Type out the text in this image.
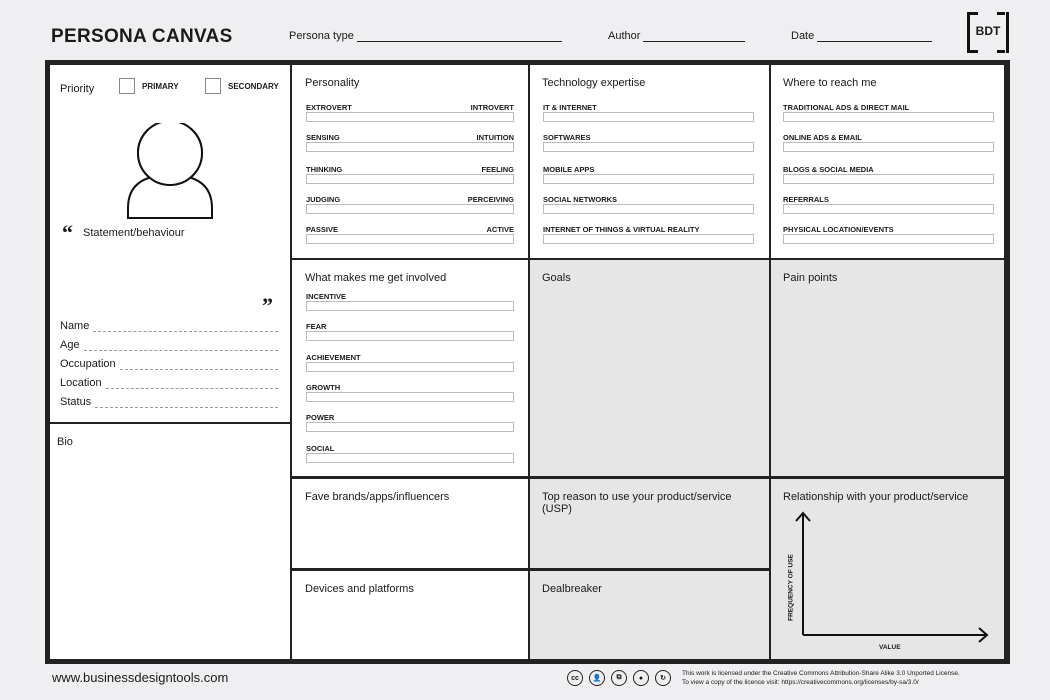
PERSONA CANVAS	Persona type	Author	Date	BDT
Priority	PRIMARY	SECONDARY
“ Statement/behaviour
”
Name
Age
Occupation
Location
Status
Bio
Personality
EXTROVERT	INTROVERT
SENSING	INTUITION
THINKING	FEELING
JUDGING	PERCEIVING
PASSIVE	ACTIVE
Technology expertise
IT & INTERNET
SOFTWARES
MOBILE APPS
SOCIAL NETWORKS
INTERNET OF THINGS & VIRTUAL REALITY
Where to reach me
TRADITIONAL ADS & DIRECT MAIL
ONLINE ADS & EMAIL
BLOGS & SOCIAL MEDIA
REFERRALS
PHYSICAL LOCATION/EVENTS
What makes me get involved
INCENTIVE
FEAR
ACHIEVEMENT
GROWTH
POWER
SOCIAL
Goals	Pain points
Fave brands/apps/influencers
Devices and platforms
Top reason to use your product/service (USP)
Dealbreaker
Relationship with your product/service
FREQUENCY OF USE
VALUE
www.businessdesigntools.com	cc	👤	⧉	●	↻
This work is licensed under the Creative Commons Attribution-Share Alike 3.0 Unported License.
To view a copy of the licence visit: https://creativecommons.org/licenses/by-sa/3.0/
